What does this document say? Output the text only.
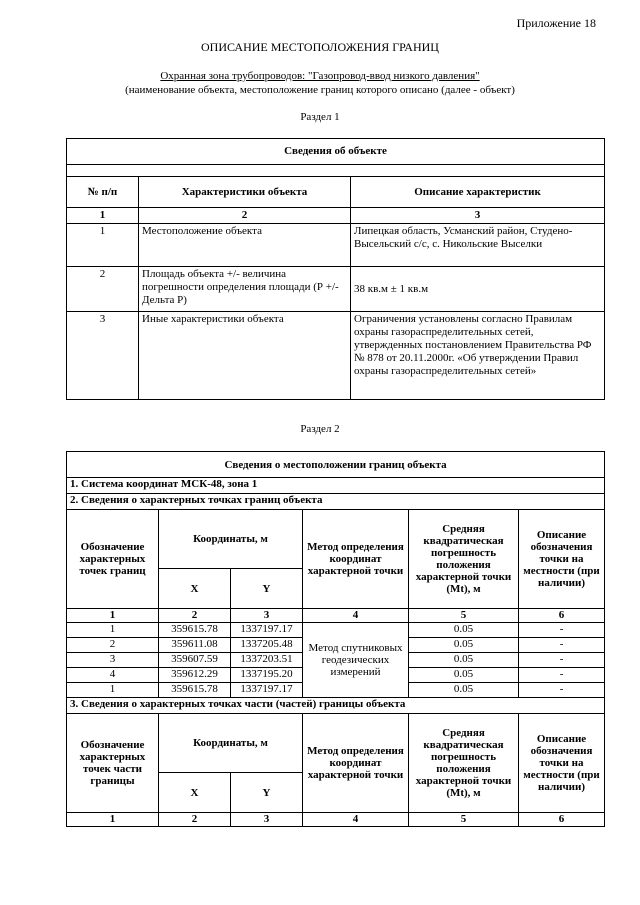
Приложение 18
ОПИСАНИЕ МЕСТОПОЛОЖЕНИЯ ГРАНИЦ
Охранная зона трубопроводов: "Газопровод-ввод низкого давления"
(наименование объекта, местоположение границ которого описано (далее - объект)
Раздел 1
Сведения об объекте		

№ п/п	Характеристики объекта	Описание характеристик
1	2	3
1	Местоположение объекта	Липецкая область, Усманский район, Студено-Высельский с/с, с. Никольские Выселки
2	Площадь объекта +/- величина погрешности определения площади (Р +/- Дельта Р)	38 кв.м ± 1 кв.м
3	Иные характеристики объекта	Ограничения установлены согласно Правилам охраны газораспределительных сетей, утвержденных постановлением Правительства РФ № 878 от 20.11.2000г. «Об утверждении Правил охраны газораспределительных сетей»
Раздел 2
Сведения о местоположении границ объекта					
1. Система координат МСК-48, зона 1					
2. Сведения о характерных точках границ объекта					
Обозначение характерных точек границ	Координаты, м		Метод определения координат характерной точки	Средняя квадратическая погрешность положения характерной точки (Mt), м	Описание обозначения точки на местности (при наличии)
	X	Y			
1	2	3	4	5	6
1	359615.78	1337197.17	Метод спутниковых геодезических измерений	0.05	-
2	359611.08	1337205.48		0.05	-
3	359607.59	1337203.51		0.05	-
4	359612.29	1337195.20		0.05	-
1	359615.78	1337197.17		0.05	-
3. Сведения о характерных точках части (частей) границы объекта					
Обозначение характерных точек части границы	Координаты, м		Метод определения координат характерной точки	Средняя квадратическая погрешность положения характерной точки (Mt), м	Описание обозначения точки на местности (при наличии)
	X	Y			
1	2	3	4	5	6
